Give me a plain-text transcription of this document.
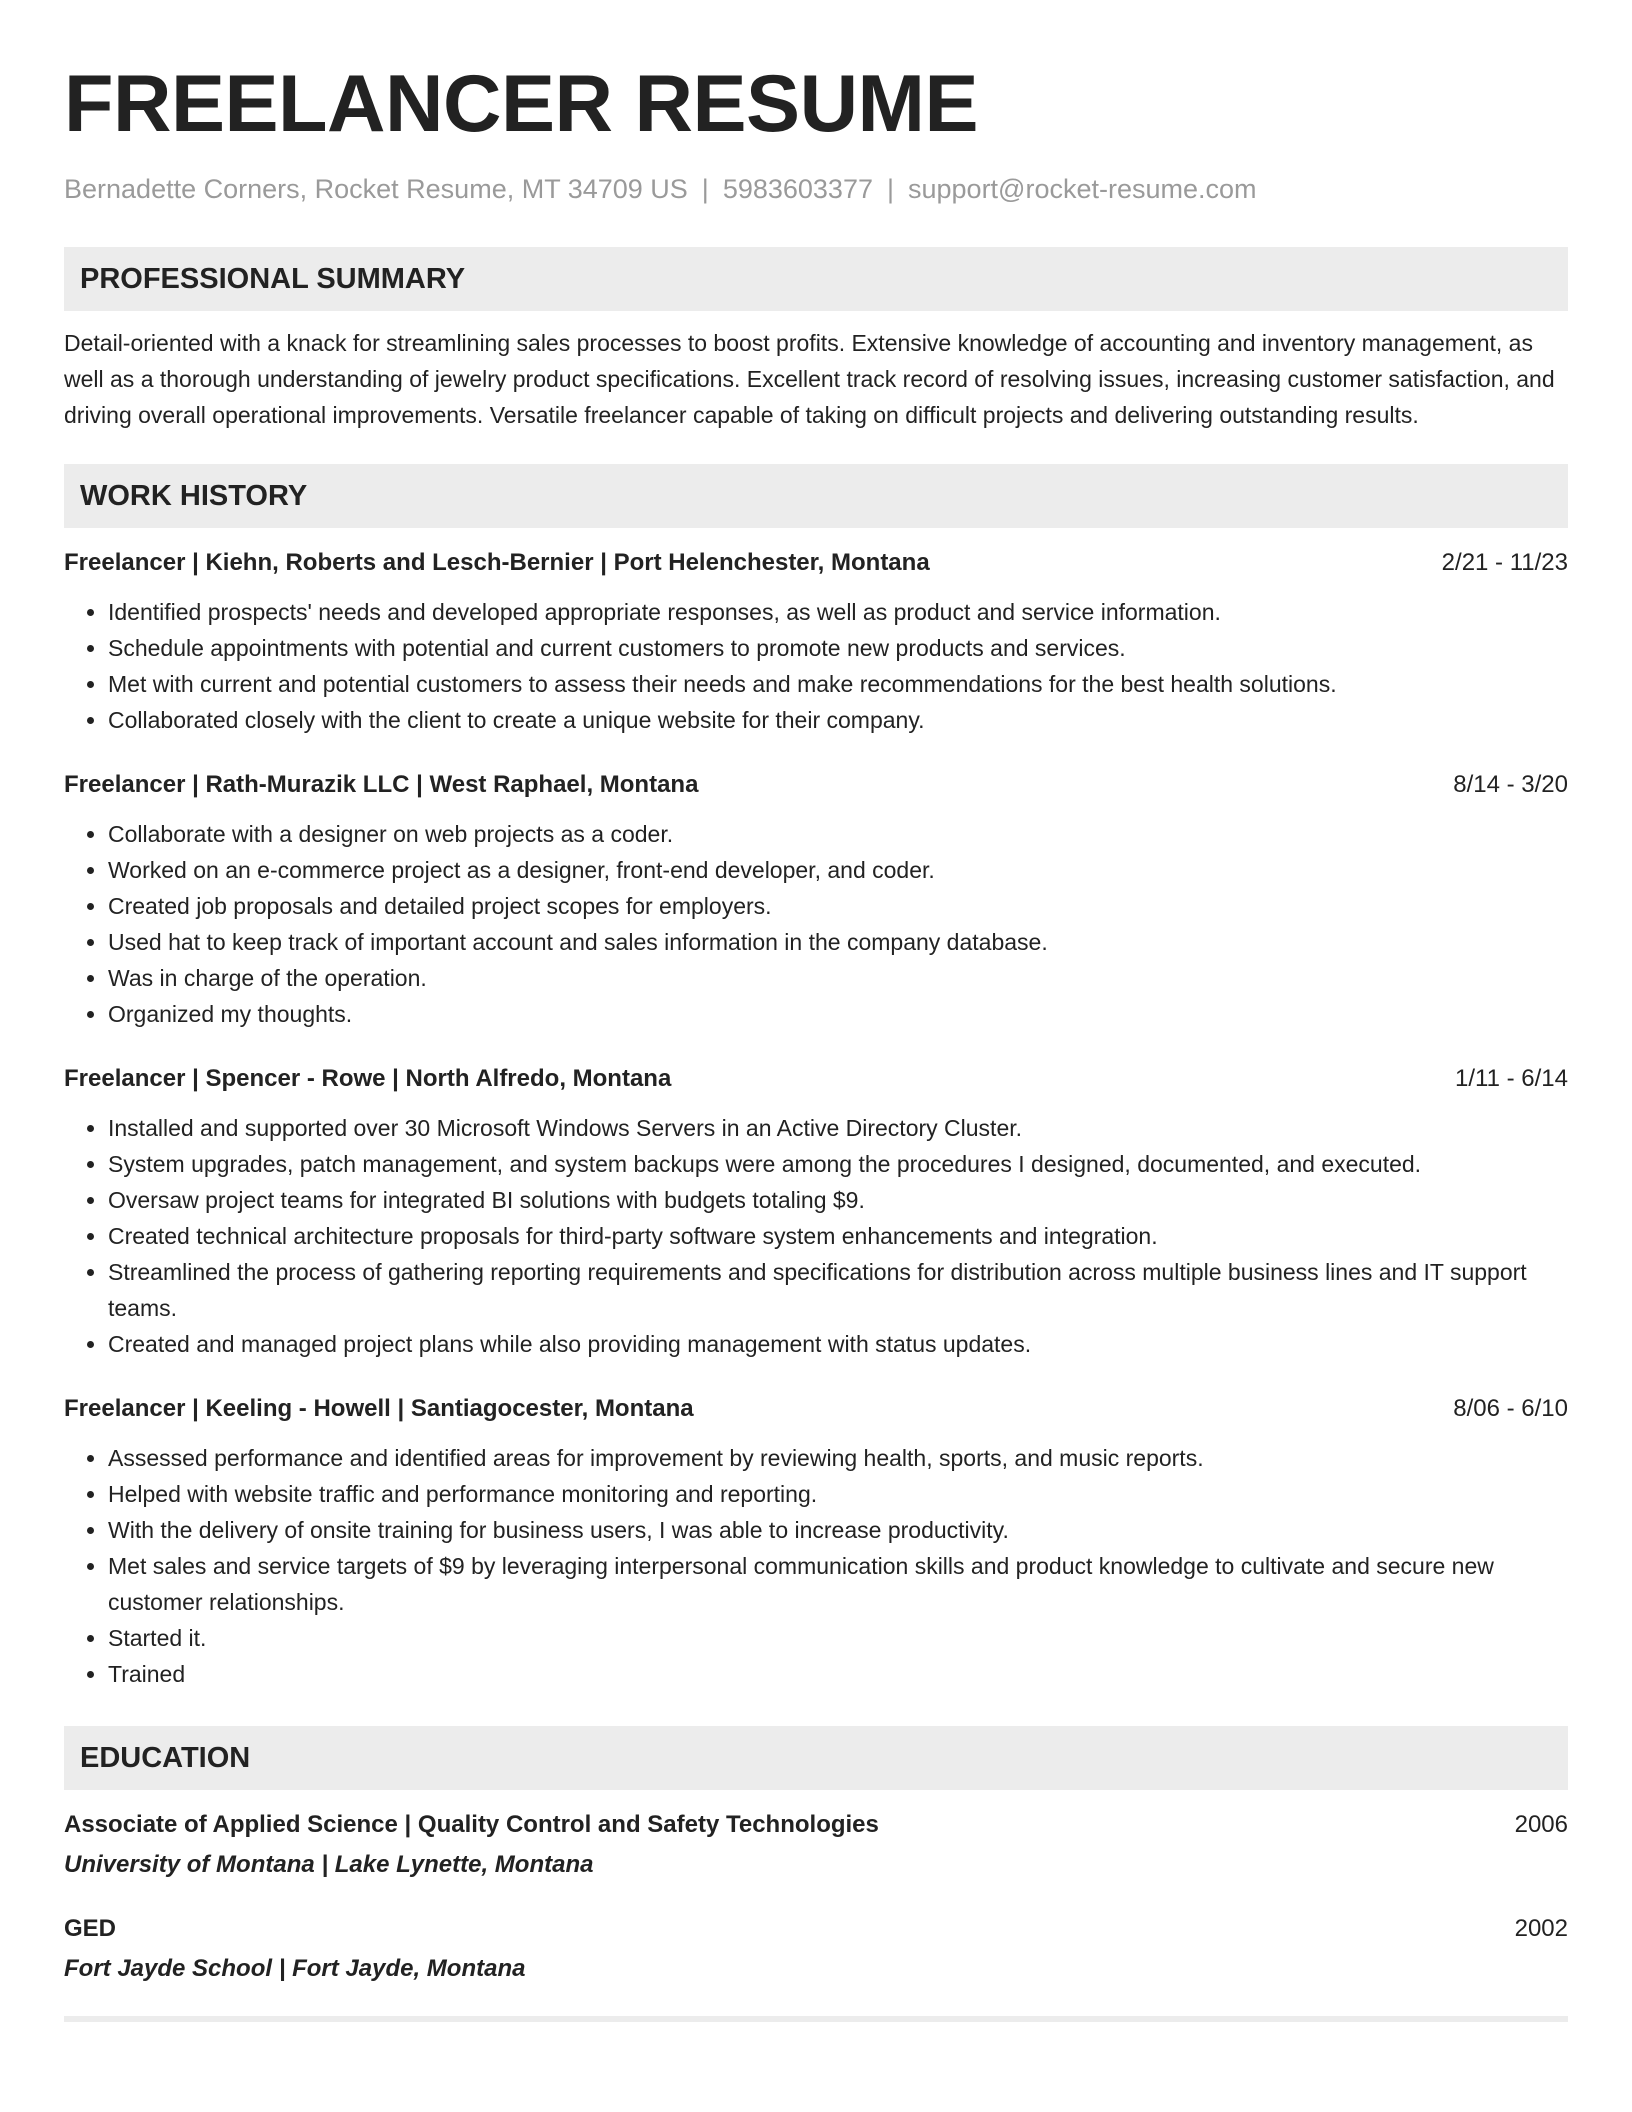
FREELANCER RESUME
Bernadette Corners, Rocket Resume, MT 34709 US | 5983603377 | support@rocket-resume.com
PROFESSIONAL SUMMARY
Detail-oriented with a knack for streamlining sales processes to boost profits. Extensive knowledge of accounting and inventory management, as well as a thorough understanding of jewelry product specifications. Excellent track record of resolving issues, increasing customer satisfaction, and driving overall operational improvements. Versatile freelancer capable of taking on difficult projects and delivering outstanding results.
WORK HISTORY
Freelancer | Kiehn, Roberts and Lesch-Bernier | Port Helenchester, Montana	2/21 - 11/23
• Identified prospects' needs and developed appropriate responses, as well as product and service information.
• Schedule appointments with potential and current customers to promote new products and services.
• Met with current and potential customers to assess their needs and make recommendations for the best health solutions.
• Collaborated closely with the client to create a unique website for their company.
Freelancer | Rath-Murazik LLC | West Raphael, Montana	8/14 - 3/20
• Collaborate with a designer on web projects as a coder.
• Worked on an e-commerce project as a designer, front-end developer, and coder.
• Created job proposals and detailed project scopes for employers.
• Used hat to keep track of important account and sales information in the company database.
• Was in charge of the operation.
• Organized my thoughts.
Freelancer | Spencer - Rowe | North Alfredo, Montana	1/11 - 6/14
• Installed and supported over 30 Microsoft Windows Servers in an Active Directory Cluster.
• System upgrades, patch management, and system backups were among the procedures I designed, documented, and executed.
• Oversaw project teams for integrated BI solutions with budgets totaling $9.
• Created technical architecture proposals for third-party software system enhancements and integration.
• Streamlined the process of gathering reporting requirements and specifications for distribution across multiple business lines and IT support teams.
• Created and managed project plans while also providing management with status updates.
Freelancer | Keeling - Howell | Santiagocester, Montana	8/06 - 6/10
• Assessed performance and identified areas for improvement by reviewing health, sports, and music reports.
• Helped with website traffic and performance monitoring and reporting.
• With the delivery of onsite training for business users, I was able to increase productivity.
• Met sales and service targets of $9 by leveraging interpersonal communication skills and product knowledge to cultivate and secure new customer relationships.
• Started it.
• Trained
EDUCATION
Associate of Applied Science | Quality Control and Safety Technologies	2006
University of Montana | Lake Lynette, Montana
GED	2002
Fort Jayde School | Fort Jayde, Montana
